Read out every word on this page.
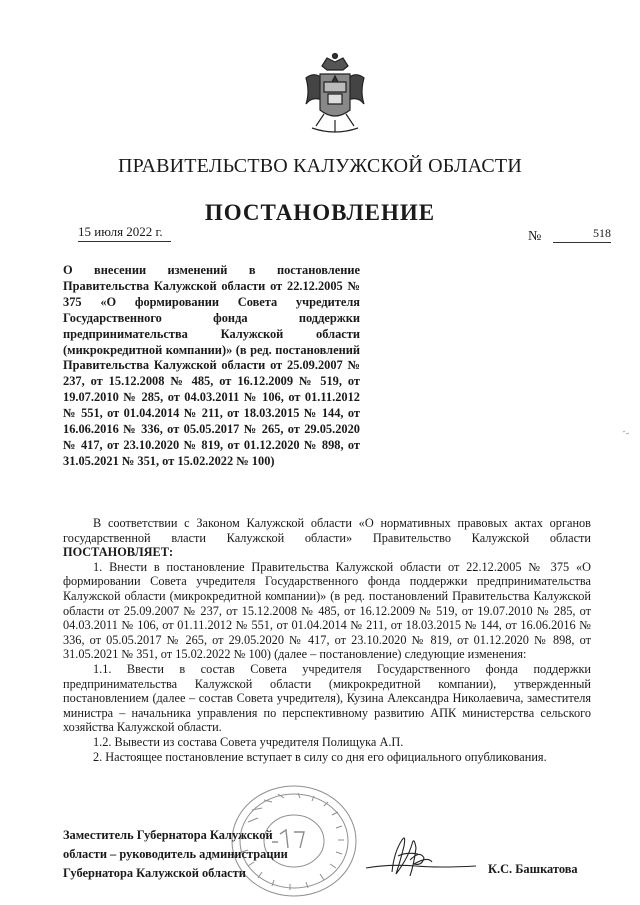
ПРАВИТЕЛЬСТВО КАЛУЖСКОЙ ОБЛАСТИ
ПОСТАНОВЛЕНИЕ
15 июля 2022 г.	№	518
О внесении изменений в постановление Правительства Калужской области от 22.12.2005 № 375 «О формировании Совета учредителя Государственного фонда поддержки предпринимательства Калужской области (микрокредитной компании)» (в ред. постановлений Правительства Калужской области от 25.09.2007 № 237, от 15.12.2008 № 485, от 16.12.2009 № 519, от 19.07.2010 № 285, от 04.03.2011 № 106, от 01.11.2012 № 551, от 01.04.2014 № 211, от 18.03.2015 № 144, от 16.06.2016 № 336, от 05.05.2017 № 265, от 29.05.2020 № 417, от 23.10.2020 № 819, от 01.12.2020 № 898, от 31.05.2021 № 351, от 15.02.2022 № 100)

В соответствии с Законом Калужской области «О нормативных правовых актах органов государственной власти Калужской области» Правительство Калужской области ПОСТАНОВЛЯЕТ:

1. Внести в постановление Правительства Калужской области от 22.12.2005 № 375 «О формировании Совета учредителя Государственного фонда поддержки предпринимательства Калужской области (микрокредитной компании)» (в ред. постановлений Правительства Калужской области от 25.09.2007 № 237, от 15.12.2008 № 485, от 16.12.2009 № 519, от 19.07.2010 № 285, от 04.03.2011 № 106, от 01.11.2012 № 551, от 01.04.2014 № 211, от 18.03.2015 № 144, от 16.06.2016 № 336, от 05.05.2017 № 265, от 29.05.2020 № 417, от 23.10.2020 № 819, от 01.12.2020 № 898, от 31.05.2021 № 351, от 15.02.2022 № 100) (далее – постановление) следующие изменения:

1.1. Ввести в состав Совета учредителя Государственного фонда поддержки предпринимательства Калужской области (микрокредитной компании), утвержденный постановлением (далее – состав Совета учредителя), Кузина Александра Николаевича, заместителя министра – начальника управления по перспективному развитию АПК министерства сельского хозяйства Калужской области.

1.2. Вывести из состава Совета учредителя Полищука А.П.

2. Настоящее постановление вступает в силу со дня его официального опубликования.

Заместитель Губернатора Калужской
области – руководитель администрации
Губернатора Калужской области	К.С. Башкатова
